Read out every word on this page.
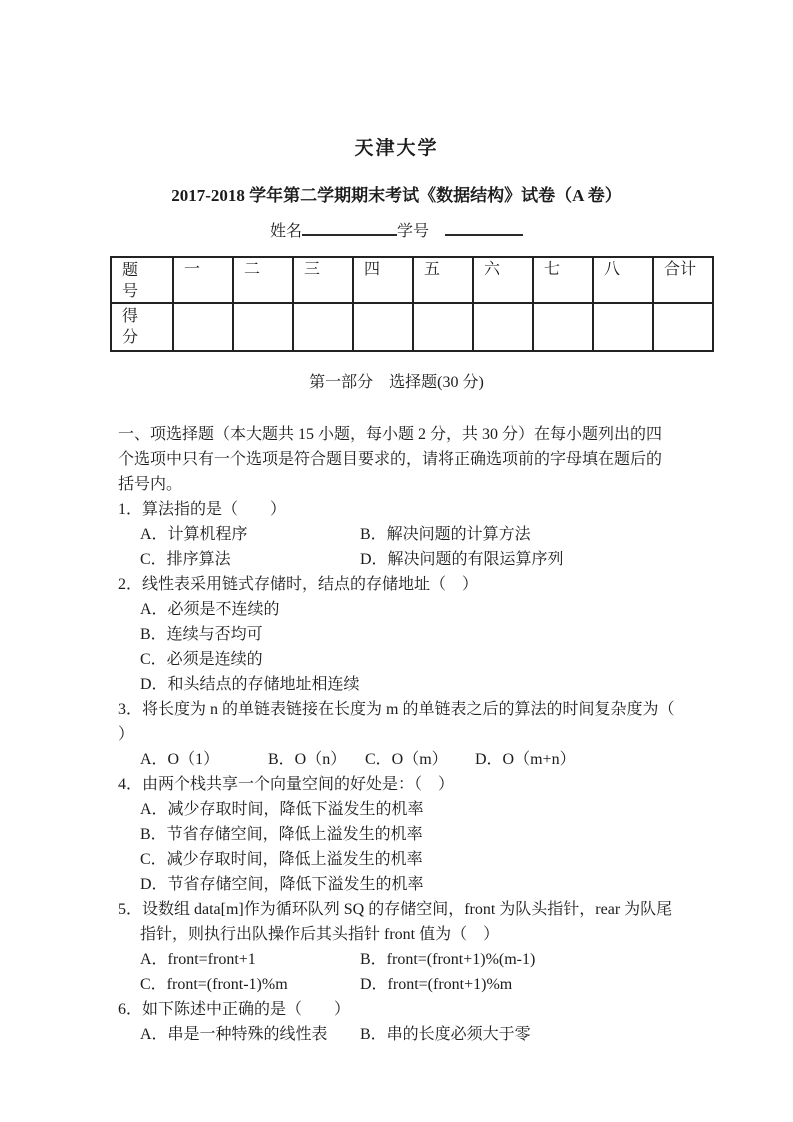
天津大学
2017-2018 学年第二学期期末考试《数据结构》试卷（A 卷）
姓名	学号
题号	一	二	三	四	五	六	七	八	合计
得分									
第一部分　选择题(30 分)
一、项选择题（本大题共 15 小题，每小题 2 分，共 30 分）在每小题列出的四
个选项中只有一个选项是符合题目要求的，请将正确选项前的字母填在题后的
括号内。
1．算法指的是（　　）
A．计算机程序	B．解决问题的计算方法
C．排序算法	D．解决问题的有限运算序列
2．线性表采用链式存储时，结点的存储地址（　）
A．必须是不连续的
B．连续与否均可
C．必须是连续的
D．和头结点的存储地址相连续
3．将长度为 n 的单链表链接在长度为 m 的单链表之后的算法的时间复杂度为（
）
A．O（1）	B．O（n） C．O（m） D．O（m+n）
4．由两个栈共享一个向量空间的好处是：（　）
A．减少存取时间，降低下溢发生的机率
B．节省存储空间，降低上溢发生的机率
C．减少存取时间，降低上溢发生的机率
D．节省存储空间，降低下溢发生的机率
5．设数组 data[m]作为循环队列 SQ 的存储空间，front 为队头指针，rear 为队尾
指针，则执行出队操作后其头指针 front 值为（　）
A．front=front+1	B．front=(front+1)%(m-1)
C．front=(front-1)%m	D．front=(front+1)%m
6．如下陈述中正确的是（　　）
A．串是一种特殊的线性表 B．串的长度必须大于零
